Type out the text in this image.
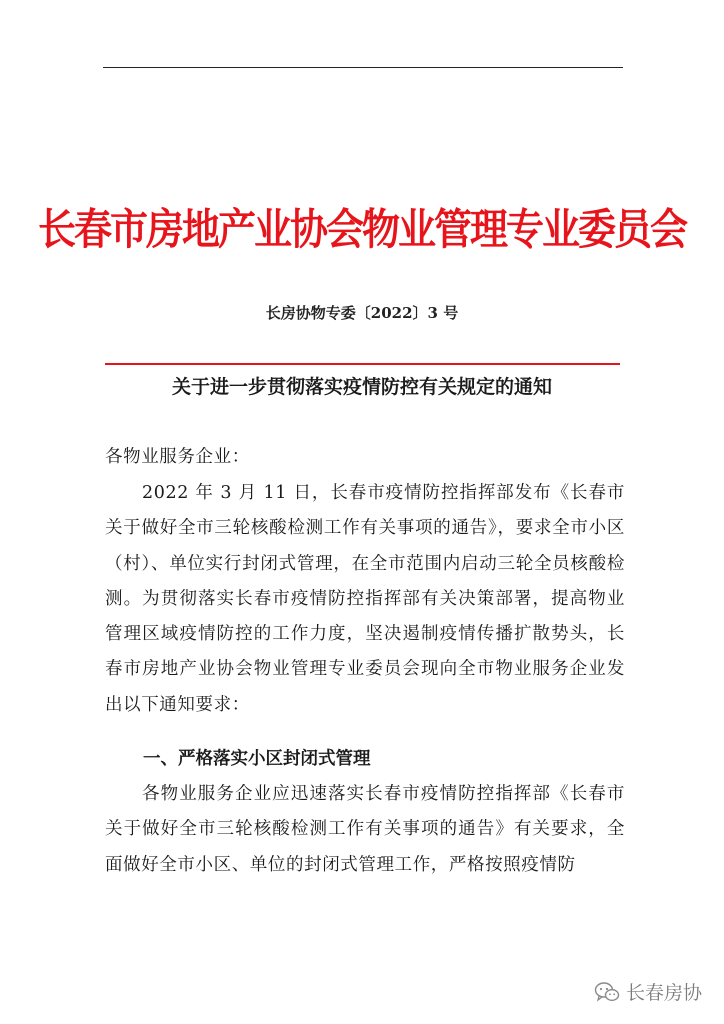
长春市房地产业协会物业管理专业委员会
长房协物专委〔2022〕3 号
关于进一步贯彻落实疫情防控有关规定的通知
各物业服务企业：
2022 年 3 月 11 日，长春市疫情防控指挥部发布《长春市关于做好全市三轮核酸检测工作有关事项的通告》，要求全市小区（村）、单位实行封闭式管理，在全市范围内启动三轮全员核酸检测。为贯彻落实长春市疫情防控指挥部有关决策部署，提高物业管理区域疫情防控的工作力度，坚决遏制疫情传播扩散势头，长春市房地产业协会物业管理专业委员会现向全市物业服务企业发出以下通知要求：
一、严格落实小区封闭式管理
各物业服务企业应迅速落实长春市疫情防控指挥部《长春市关于做好全市三轮核酸检测工作有关事项的通告》有关要求，全面做好全市小区、单位的封闭式管理工作，严格按照疫情防
长春房协
